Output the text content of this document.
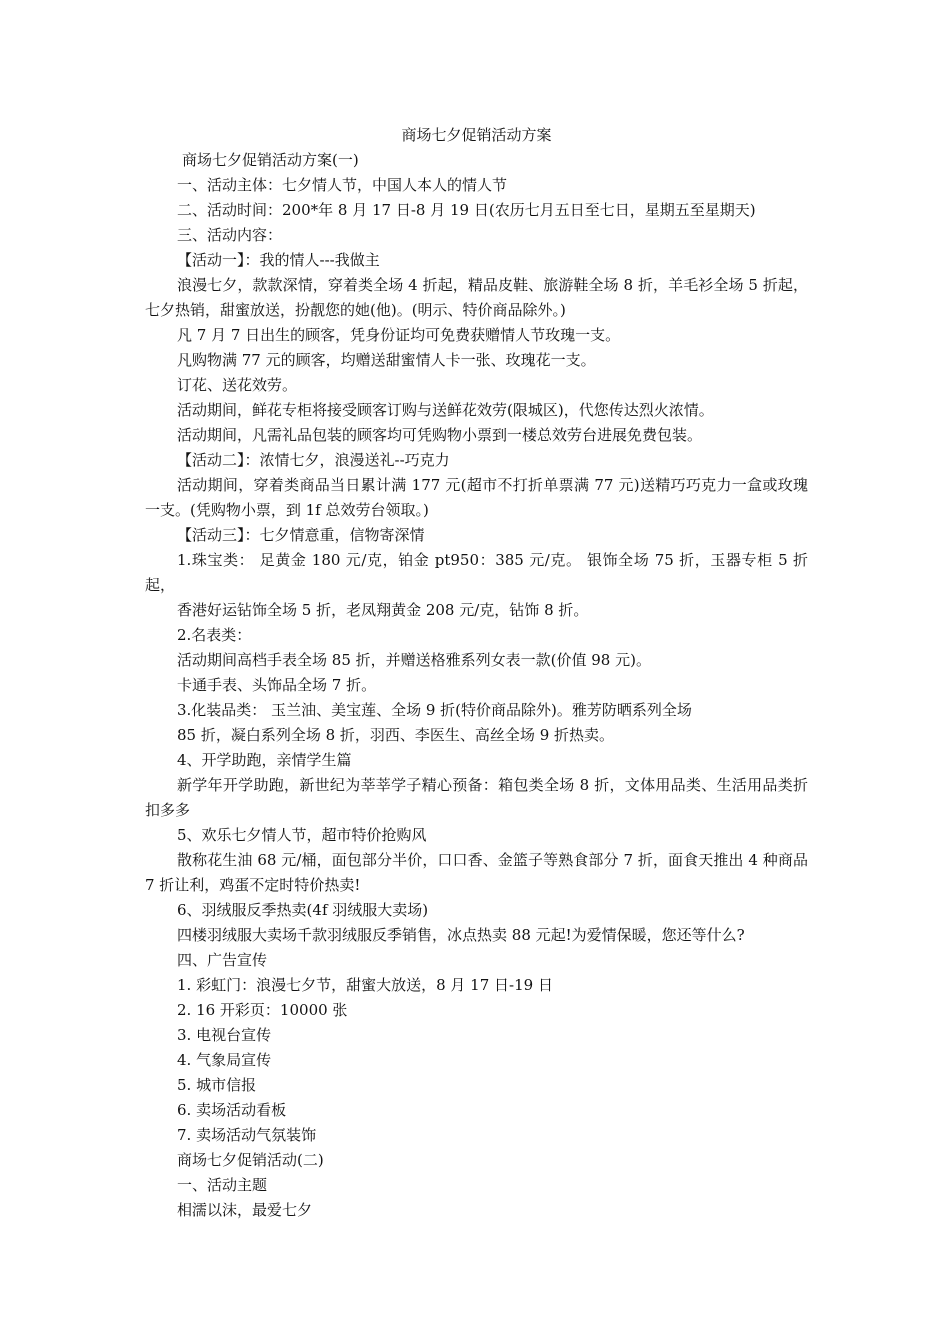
商场七夕促销活动方案

商场七夕促销活动方案(一)

一、活动主体：七夕情人节，中国人本人的情人节

二、活动时间：200*年 8 月 17 日-8 月 19 日(农历七月五日至七日，星期五至星期天)

三、活动内容：

【活动一】：我的情人---我做主

浪漫七夕，款款深情，穿着类全场 4 折起，精品皮鞋、旅游鞋全场 8 折，羊毛衫全场 5 折起，七夕热销，甜蜜放送，扮靓您的她(他)。(明示、特价商品除外。)

凡 7 月 7 日出生的顾客，凭身份证均可免费获赠情人节玫瑰一支。

凡购物满 77 元的顾客，均赠送甜蜜情人卡一张、玫瑰花一支。

订花、送花效劳。

活动期间，鲜花专柜将接受顾客订购与送鲜花效劳(限城区)，代您传达烈火浓情。

活动期间，凡需礼品包装的顾客均可凭购物小票到一楼总效劳台进展免费包装。

【活动二】：浓情七夕，浪漫送礼--巧克力

活动期间，穿着类商品当日累计满 177 元(超市不打折单票满 77 元)送精巧巧克力一盒或玫瑰一支。(凭购物小票，到 1f 总效劳台领取。)

【活动三】：七夕情意重，信物寄深情

1.珠宝类： 足黄金 180 元/克，铂金 pt950：385 元/克。 银饰全场 75 折，玉器专柜 5 折起，

香港好运钻饰全场 5 折，老凤翔黄金 208 元/克，钻饰 8 折。

2.名表类：

活动期间高档手表全场 85 折，并赠送格雅系列女表一款(价值 98 元)。

卡通手表、头饰品全场 7 折。

3.化装品类： 玉兰油、美宝莲、全场 9 折(特价商品除外)。雅芳防晒系列全场

85 折，凝白系列全场 8 折，羽西、李医生、高丝全场 9 折热卖。

4、开学助跑，亲情学生篇

新学年开学助跑，新世纪为莘莘学子精心预备：箱包类全场 8 折，文体用品类、生活用品类折扣多多

5、欢乐七夕情人节，超市特价抢购风

散称花生油 68 元/桶，面包部分半价，口口香、金篮子等熟食部分 7 折，面食天推出 4 种商品 7 折让利，鸡蛋不定时特价热卖!

6、羽绒服反季热卖(4f 羽绒服大卖场)

四楼羽绒服大卖场千款羽绒服反季销售，冰点热卖 88 元起!为爱情保暖，您还等什么?

四、广告宣传

1. 彩虹门：浪漫七夕节，甜蜜大放送，8 月 17 日-19 日

2. 16 开彩页：10000 张

3. 电视台宣传

4. 气象局宣传

5. 城市信报

6. 卖场活动看板

7. 卖场活动气氛装饰

商场七夕促销活动(二)

一、活动主题

相濡以沫，最爱七夕
